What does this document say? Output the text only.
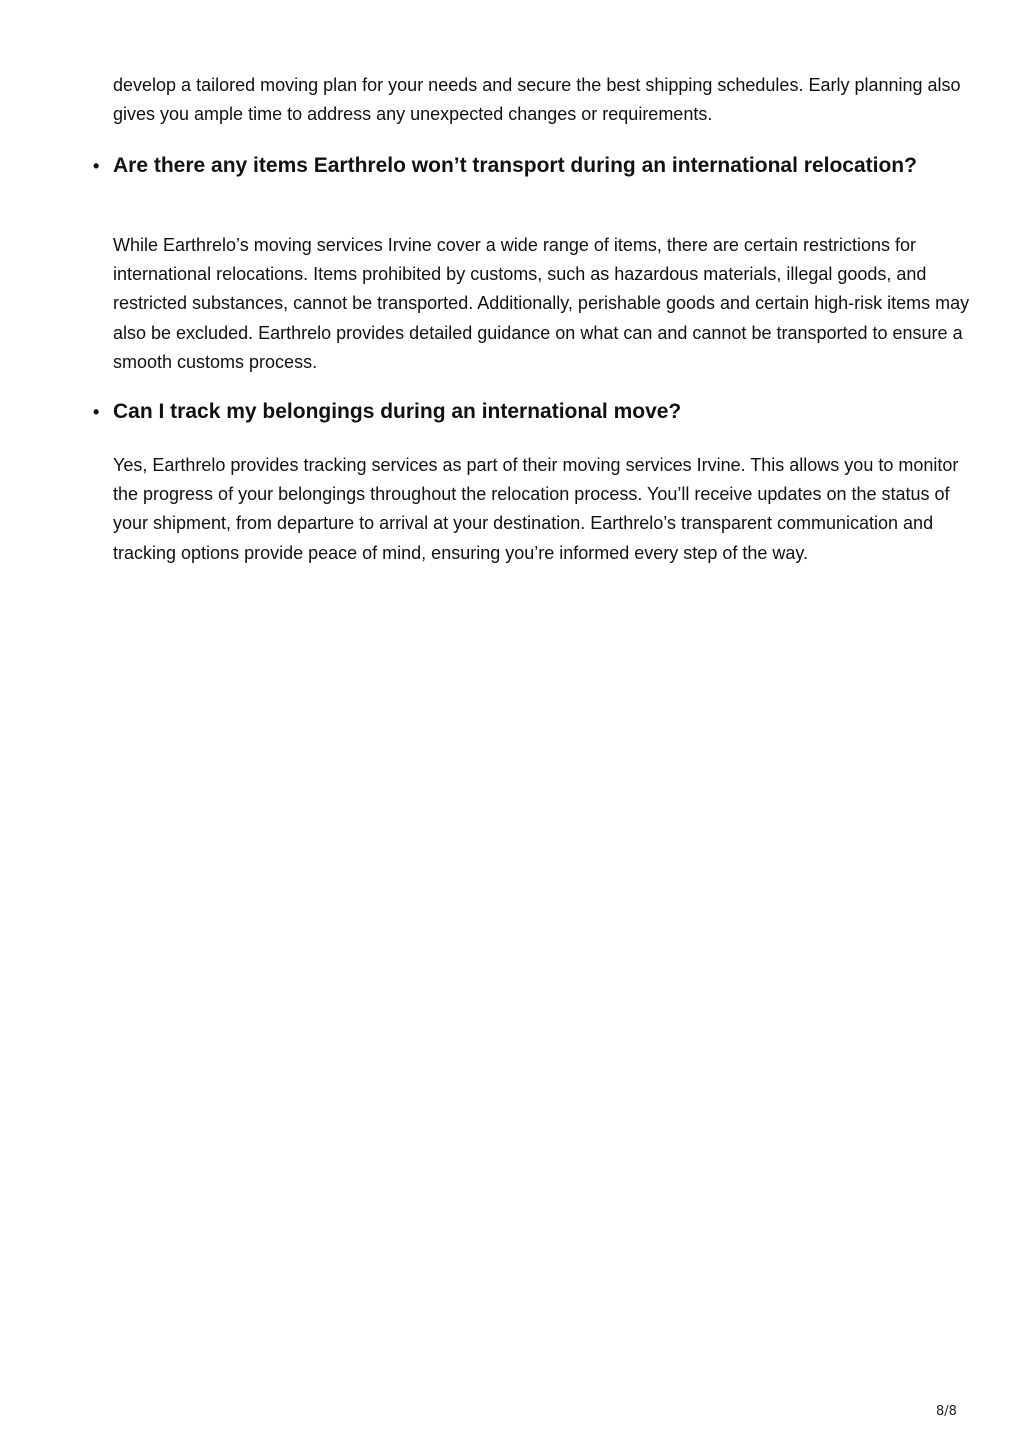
develop a tailored moving plan for your needs and secure the best shipping schedules. Early planning also gives you ample time to address any unexpected changes or requirements.

• Are there any items Earthrelo won’t transport during an international relocation?

While Earthrelo’s moving services Irvine cover a wide range of items, there are certain restrictions for international relocations. Items prohibited by customs, such as hazardous materials, illegal goods, and restricted substances, cannot be transported. Additionally, perishable goods and certain high-risk items may also be excluded. Earthrelo provides detailed guidance on what can and cannot be transported to ensure a smooth customs process.

• Can I track my belongings during an international move?

Yes, Earthrelo provides tracking services as part of their moving services Irvine. This allows you to monitor the progress of your belongings throughout the relocation process. You’ll receive updates on the status of your shipment, from departure to arrival at your destination. Earthrelo’s transparent communication and tracking options provide peace of mind, ensuring you’re informed every step of the way.

8/8
